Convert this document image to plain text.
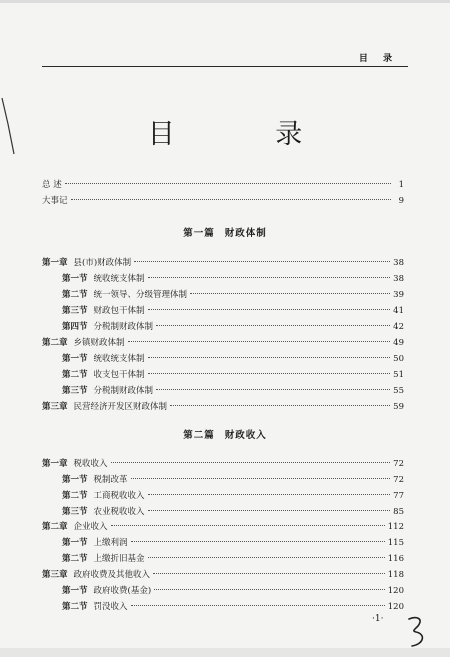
目 录
目 录
总 述	1
大事记	9
第一篇 财政体制
第一章 县(市)财政体制	38
第一节 统收统支体制	38
第二节 统一领导、分级管理体制	39
第三节 财政包干体制	41
第四节 分税制财政体制	42
第二章 乡镇财政体制	49
第一节 统收统支体制	50
第二节 收支包干体制	51
第三节 分税制财政体制	55
第三章 民营经济开发区财政体制	59
第二篇 财政收入
第一章 税收收入	72
第一节 税制改革	72
第二节 工商税收收入	77
第三节 农业税收收入	85
第二章 企业收入	112
第一节 上缴利润	115
第二节 上缴折旧基金	116
第三章 政府收费及其他收入	118
第一节 政府收费(基金)	120
第二节 罚没收入	120
·1·
